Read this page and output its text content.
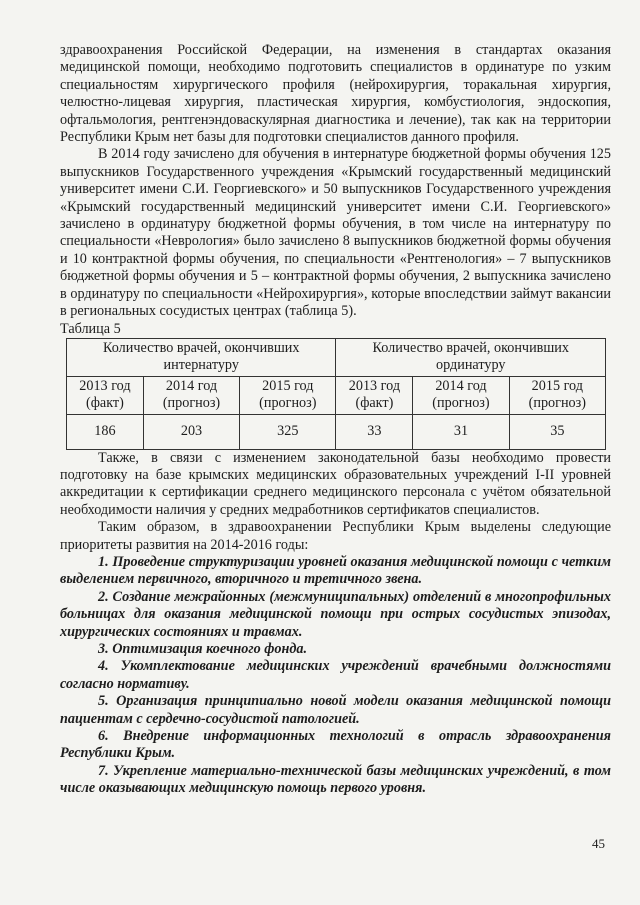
здравоохранения Российской Федерации, на изменения в стандартах оказания медицинской помощи, необходимо подготовить специалистов в ординатуре по узким специальностям хирургического профиля (нейрохирургия, торакальная хирургия, челюстно-лицевая хирургия, пластическая хирургия, комбустиология, эндоскопия, офтальмология, рентгенэндоваскулярная диагностика и лечение), так как на территории Республики Крым нет базы для подготовки специалистов данного профиля.

В 2014 году зачислено для обучения в интернатуре бюджетной формы обучения 125 выпускников Государственного учреждения «Крымский государственный медицинский университет имени С.И. Георгиевского» и 50 выпускников Государственного учреждения «Крымский государственный медицинский университет имени С.И. Георгиевского» зачислено в ординатуру бюджетной формы обучения, в том числе на интернатуру по специальности «Неврология» было зачислено 8 выпускников бюджетной формы обучения и 10 контрактной формы обучения, по специальности «Рентгенология» – 7 выпускников бюджетной формы обучения и 5 – контрактной формы обучения, 2 выпускника зачислено в ординатуру по специальности «Нейрохирургия», которые впоследствии займут вакансии в региональных сосудистых центрах (таблица 5).

Таблица 5

Количество врачей, окончивших интернатуру			Количество врачей, окончивших ординатуру		
2013 год (факт)	2014 год (прогноз)	2015 год (прогноз)	2013 год (факт)	2014 год (прогноз)	2015 год (прогноз)
186	203	325	33	31	35

Также, в связи с изменением законодательной базы необходимо провести подготовку на базе крымских медицинских образовательных учреждений I-II уровней аккредитации к сертификации среднего медицинского персонала с учётом обязательной необходимости наличия у средних медработников сертификатов специалистов.

Таким образом, в здравоохранении Республики Крым выделены следующие приоритеты развития на 2014-2016 годы:

1. Проведение структуризации уровней оказания медицинской помощи с четким выделением первичного, вторичного и третичного звена.

2. Создание межрайонных (межмуниципальных) отделений в многопрофильных больницах для оказания медицинской помощи при острых сосудистых эпизодах, хирургических состояниях и травмах.

3. Оптимизация коечного фонда.

4. Укомплектование медицинских учреждений врачебными должностями согласно нормативу.

5. Организация принципиально новой модели оказания медицинской помощи пациентам с сердечно-сосудистой патологией.

6. Внедрение информационных технологий в отрасль здравоохранения Республики Крым.

7. Укрепление материально-технической базы медицинских учреждений, в том числе оказывающих медицинскую помощь первого уровня.

45
